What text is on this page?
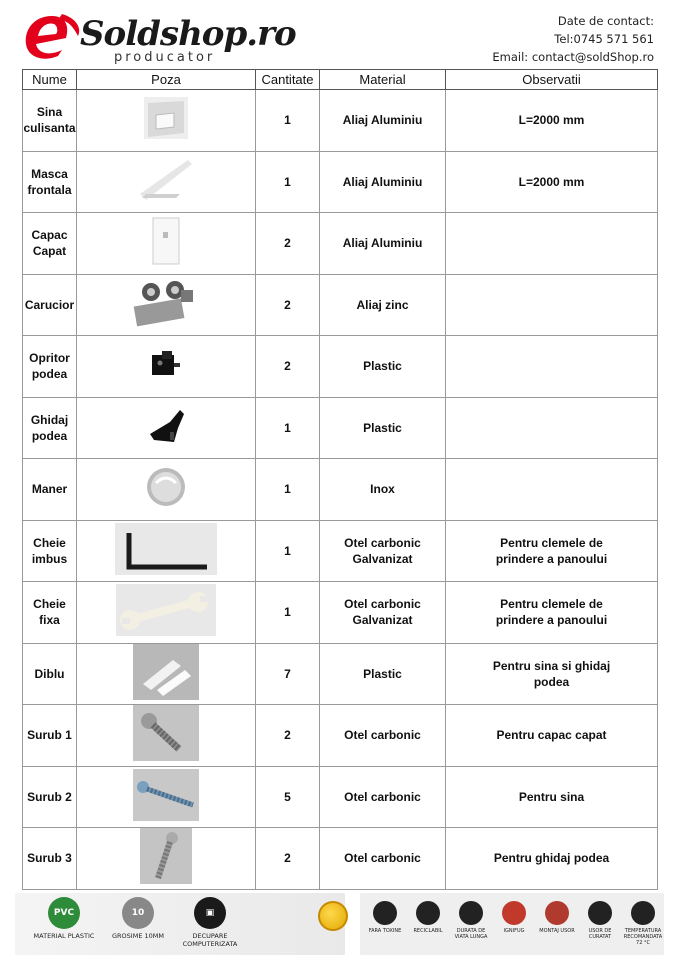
Soldshop.ro
producator
Date de contact:
Tel:0745 571 561
Email: contact@soldShop.ro
Nume	Poza	Cantitate	Material	Observatii
Sina culisanta		1	Aliaj Aluminiu	L=2000 mm
Masca frontala		1	Aliaj Aluminiu	L=2000 mm
Capac Capat		2	Aliaj Aluminiu	
Carucior		2	Aliaj zinc	
Opritor podea		2	Plastic	
Ghidaj podea		1	Plastic	
Maner		1	Inox	
Cheie imbus		1	Otel carbonic Galvanizat	Pentru clemele de prindere a panoului
Cheie fixa		1	Otel carbonic Galvanizat	Pentru clemele de prindere a panoului
Diblu		7	Plastic	Pentru sina si ghidaj podea
Surub 1		2	Otel carbonic	Pentru capac capat
Surub 2		5	Otel carbonic	Pentru sina
Surub 3		2	Otel carbonic	Pentru ghidaj podea
PVC
MATERIAL PLASTIC
10
GROSIME 10MM
▣
DECUPARE COMPUTERIZATA
FARA TOXINE	RECICLABIL	DURATA DE VIATA LUNGA
IGNIFUG	MONTAJ USOR	USOR DE CURATAT
TEMPERATURA RECOMANDATA 72 °C
